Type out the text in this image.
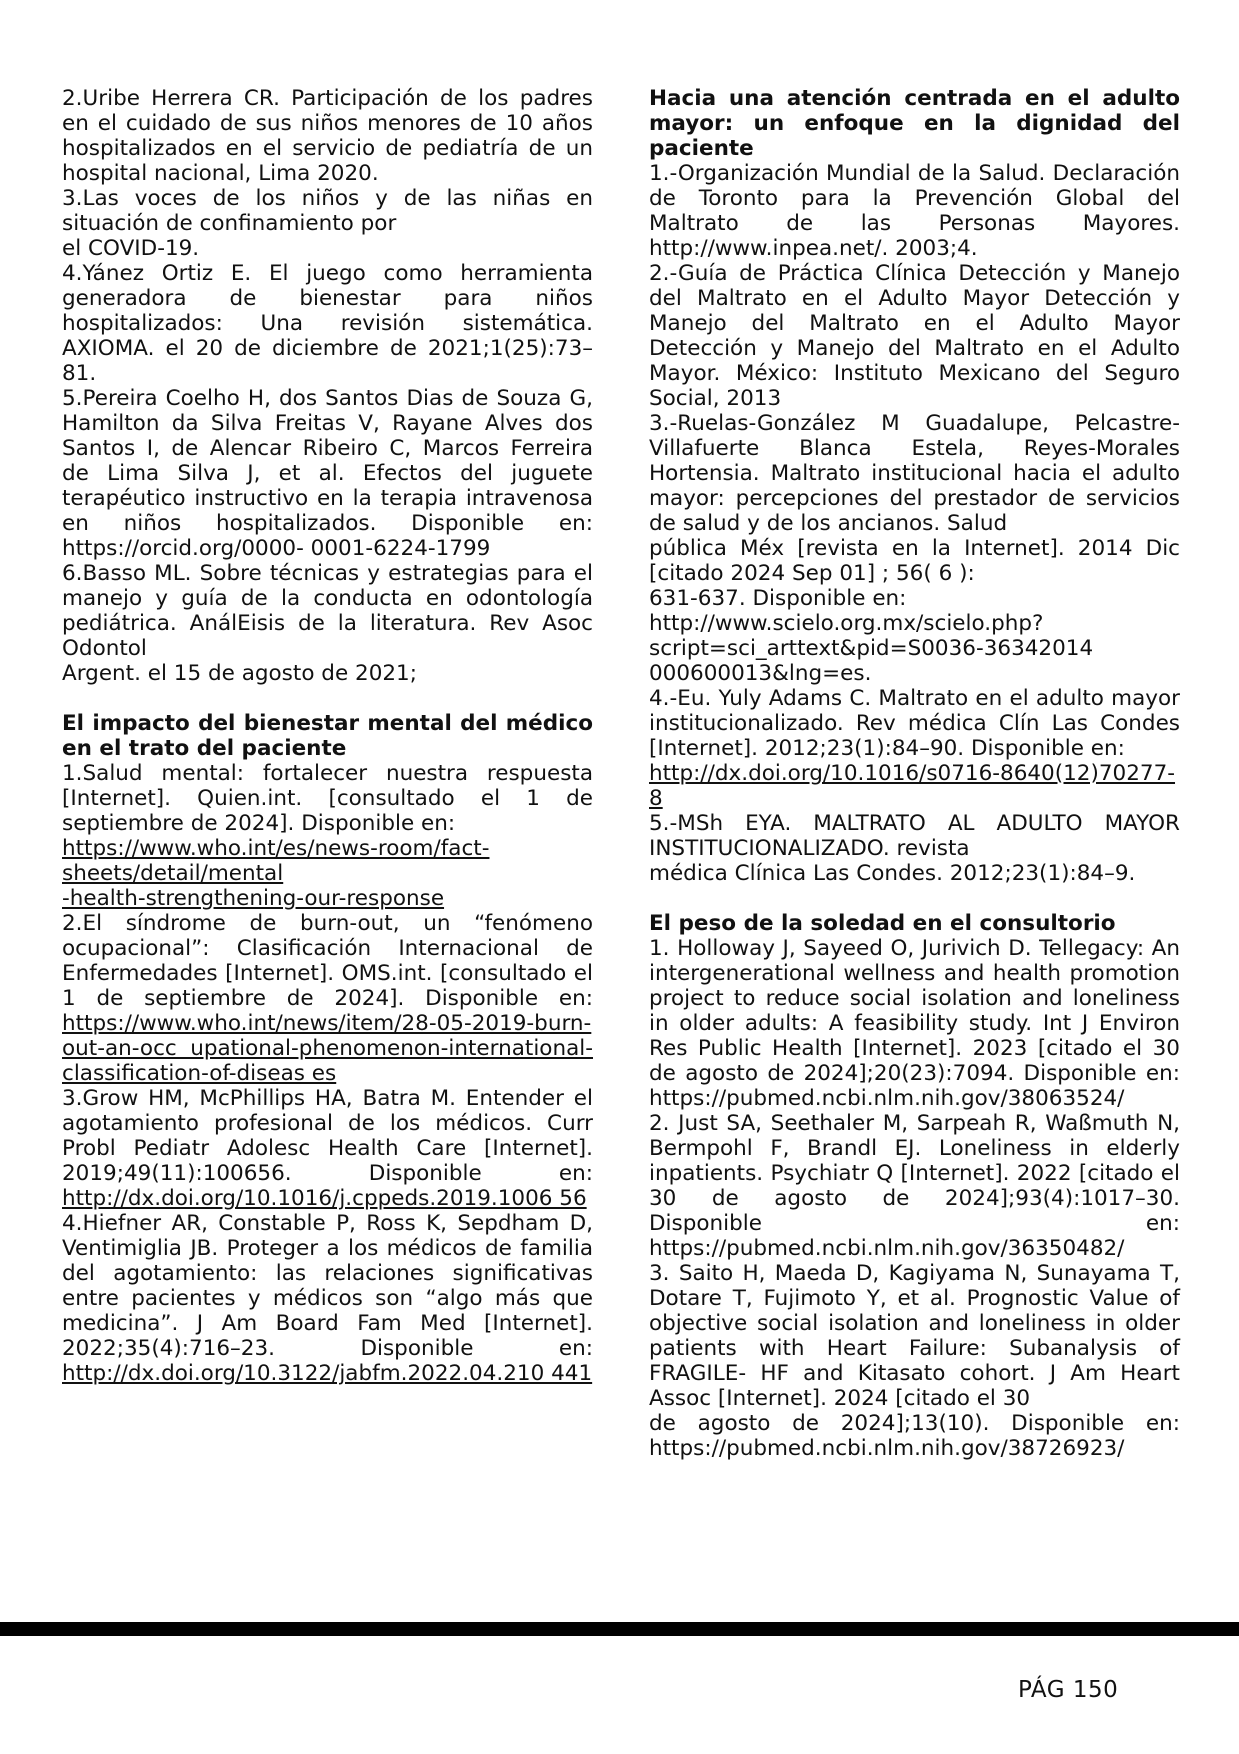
2.Uribe Herrera CR. Participación de los padres en el cuidado de sus niños menores de 10 años hospitalizados en el servicio de pediatría de un hospital nacional, Lima 2020.

3.Las voces de los niños y de las niñas en situación de confinamiento por

el COVID-19.

4.Yánez Ortiz E. El juego como herramienta generadora de bienestar para niños hospitalizados: Una revisión sistemática. AXIOMA. el 20 de diciembre de 2021;1(25):73–81.

5.Pereira Coelho H, dos Santos Dias de Souza G, Hamilton da Silva Freitas V, Rayane Alves dos Santos I, de Alencar Ribeiro C, Marcos Ferreira de Lima Silva J, et al. Efectos del juguete terapéutico instructivo en la terapia intravenosa en niños hospitalizados. Disponible en: https://orcid.org/0000- 0001-6224-1799

6.Basso ML. Sobre técnicas y estrategias para el manejo y guía de la conducta en odontología pediátrica. AnálEisis de la literatura. Rev Asoc Odontol

Argent. el 15 de agosto de 2021;

El impacto del bienestar mental del médico en el trato del paciente

1.Salud mental: fortalecer nuestra respuesta [Internet]. Quien.int. [consultado el 1 de septiembre de 2024]. Disponible en:
https://www.who.int/es/news-room/fact-sheets/detail/mental
-health-strengthening-our-response

2.El síndrome de burn-out, un “fenómeno ocupacional”: Clasificación Internacional de Enfermedades [Internet]. OMS.int. [consultado el 1 de septiembre de 2024]. Disponible en: https://www.who.int/news/item/28-05-2019-burn-out-an-occ upational-phenomenon-international-classification-of-diseas es

3.Grow HM, McPhillips HA, Batra M. Entender el agotamiento profesional de los médicos. Curr Probl Pediatr Adolesc Health Care [Internet]. 2019;49(11):100656. Disponible en: http://dx.doi.org/10.1016/j.cppeds.2019.1006 56

4.Hiefner AR, Constable P, Ross K, Sepdham D, Ventimiglia JB. Proteger a los médicos de familia del agotamiento: las relaciones significativas entre pacientes y médicos son “algo más que medicina”. J Am Board Fam Med [Internet]. 2022;35(4):716–23. Disponible en: http://dx.doi.org/10.3122/jabfm.2022.04.210 441

Hacia una atención centrada en el adulto mayor: un enfoque en la dignidad del paciente

1.-Organización Mundial de la Salud. Declaración de Toronto para la Prevención Global del Maltrato de las Personas Mayores. http://www.inpea.net/. 2003;4.

2.-Guía de Práctica Clínica Detección y Manejo del Maltrato en el Adulto Mayor Detección y Manejo del Maltrato en el Adulto Mayor Detección y Manejo del Maltrato en el Adulto Mayor. México: Instituto Mexicano del Seguro Social, 2013

3.-Ruelas-González M Guadalupe, Pelcastre-Villafuerte Blanca Estela, Reyes-Morales Hortensia. Maltrato institucional hacia el adulto mayor: percepciones del prestador de servicios de salud y de los ancianos. Salud

pública Méx [revista en la Internet]. 2014 Dic [citado 2024 Sep 01] ; 56( 6 ):

631-637. Disponible en:

http://www.scielo.org.mx/scielo.php?

script=sci_arttext&pid=S0036-36342014

000600013&lng=es.

4.-Eu. Yuly Adams C. Maltrato en el adulto mayor institucionalizado. Rev médica Clín Las Condes [Internet]. 2012;23(1):84–90. Disponible en:

http://dx.doi.org/10.1016/s0716-8640(12)70277-8

5.-MSh EYA. MALTRATO AL ADULTO MAYOR INSTITUCIONALIZADO. revista

médica Clínica Las Condes. 2012;23(1):84–9.

El peso de la soledad en el consultorio

1. Holloway J, Sayeed O, Jurivich D. Tellegacy: An intergenerational wellness and health promotion project to reduce social isolation and loneliness in older adults: A feasibility study. Int J Environ Res Public Health [Internet]. 2023 [citado el 30 de agosto de 2024];20(23):7094. Disponible en: https://pubmed.ncbi.nlm.nih.gov/38063524/

2. Just SA, Seethaler M, Sarpeah R, Waßmuth N, Bermpohl F, Brandl EJ. Loneliness in elderly inpatients. Psychiatr Q [Internet]. 2022 [citado el 30 de agosto de 2024];93(4):1017–30. Disponible en: https://pubmed.ncbi.nlm.nih.gov/36350482/

3. Saito H, Maeda D, Kagiyama N, Sunayama T, Dotare T, Fujimoto Y, et al. Prognostic Value of objective social isolation and loneliness in older patients with Heart Failure: Subanalysis of FRAGILE- HF and Kitasato cohort. J Am Heart Assoc [Internet]. 2024 [citado el 30

de agosto de 2024];13(10). Disponible en: https://pubmed.ncbi.nlm.nih.gov/38726923/

PÁG 150
